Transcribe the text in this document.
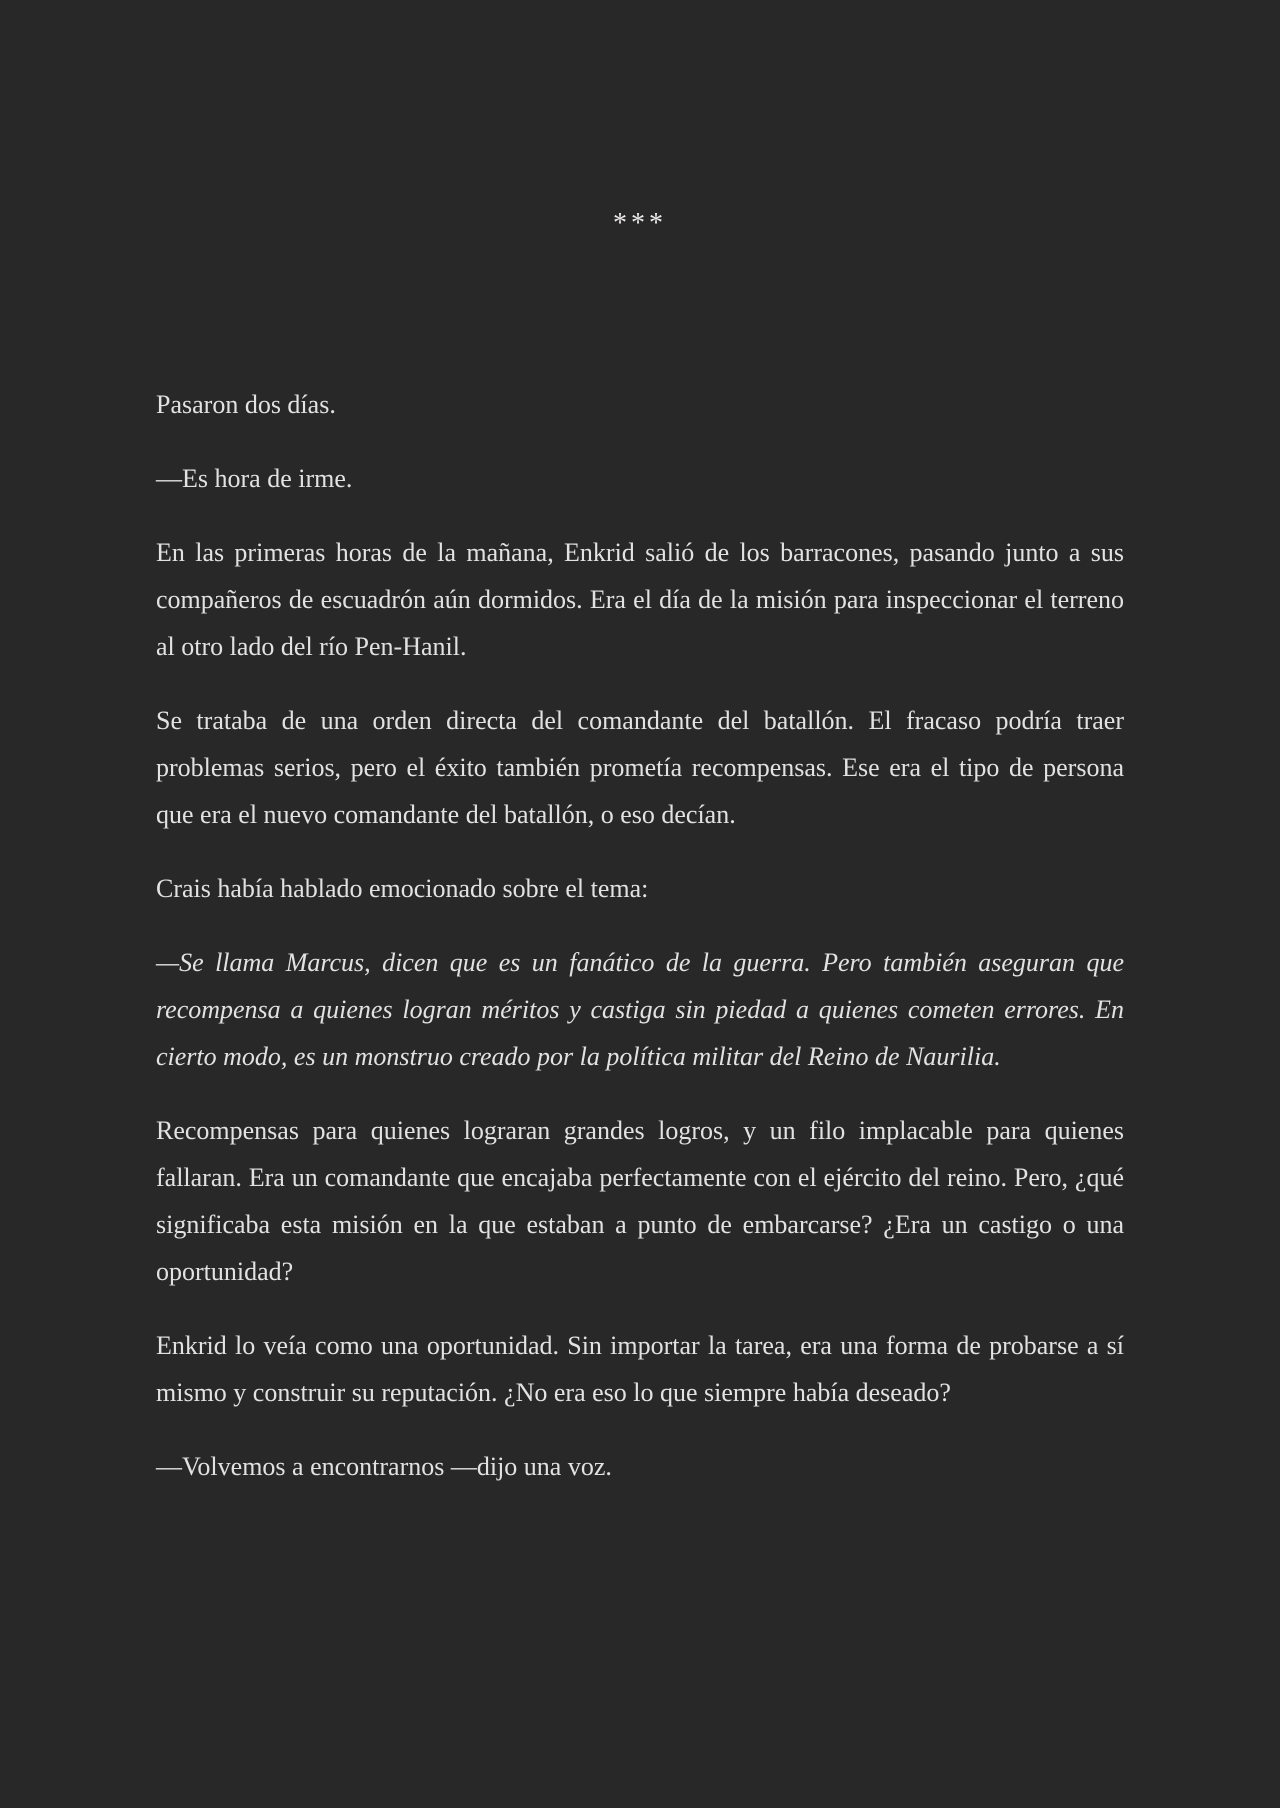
***

Pasaron dos días.

—Es hora de irme.

En las primeras horas de la mañana, Enkrid salió de los barracones, pasando junto a sus compañeros de escuadrón aún dormidos. Era el día de la misión para inspeccionar el terreno al otro lado del río Pen-Hanil.

Se trataba de una orden directa del comandante del batallón. El fracaso podría traer problemas serios, pero el éxito también prometía recompensas. Ese era el tipo de persona que era el nuevo comandante del batallón, o eso decían.

Crais había hablado emocionado sobre el tema:

—Se llama Marcus, dicen que es un fanático de la guerra. Pero también aseguran que recompensa a quienes logran méritos y castiga sin piedad a quienes cometen errores. En cierto modo, es un monstruo creado por la política militar del Reino de Naurilia.

Recompensas para quienes lograran grandes logros, y un filo implacable para quienes fallaran. Era un comandante que encajaba perfectamente con el ejército del reino. Pero, ¿qué significaba esta misión en la que estaban a punto de embarcarse? ¿Era un castigo o una oportunidad?

Enkrid lo veía como una oportunidad. Sin importar la tarea, era una forma de probarse a sí mismo y construir su reputación. ¿No era eso lo que siempre había deseado?

—Volvemos a encontrarnos —dijo una voz.
